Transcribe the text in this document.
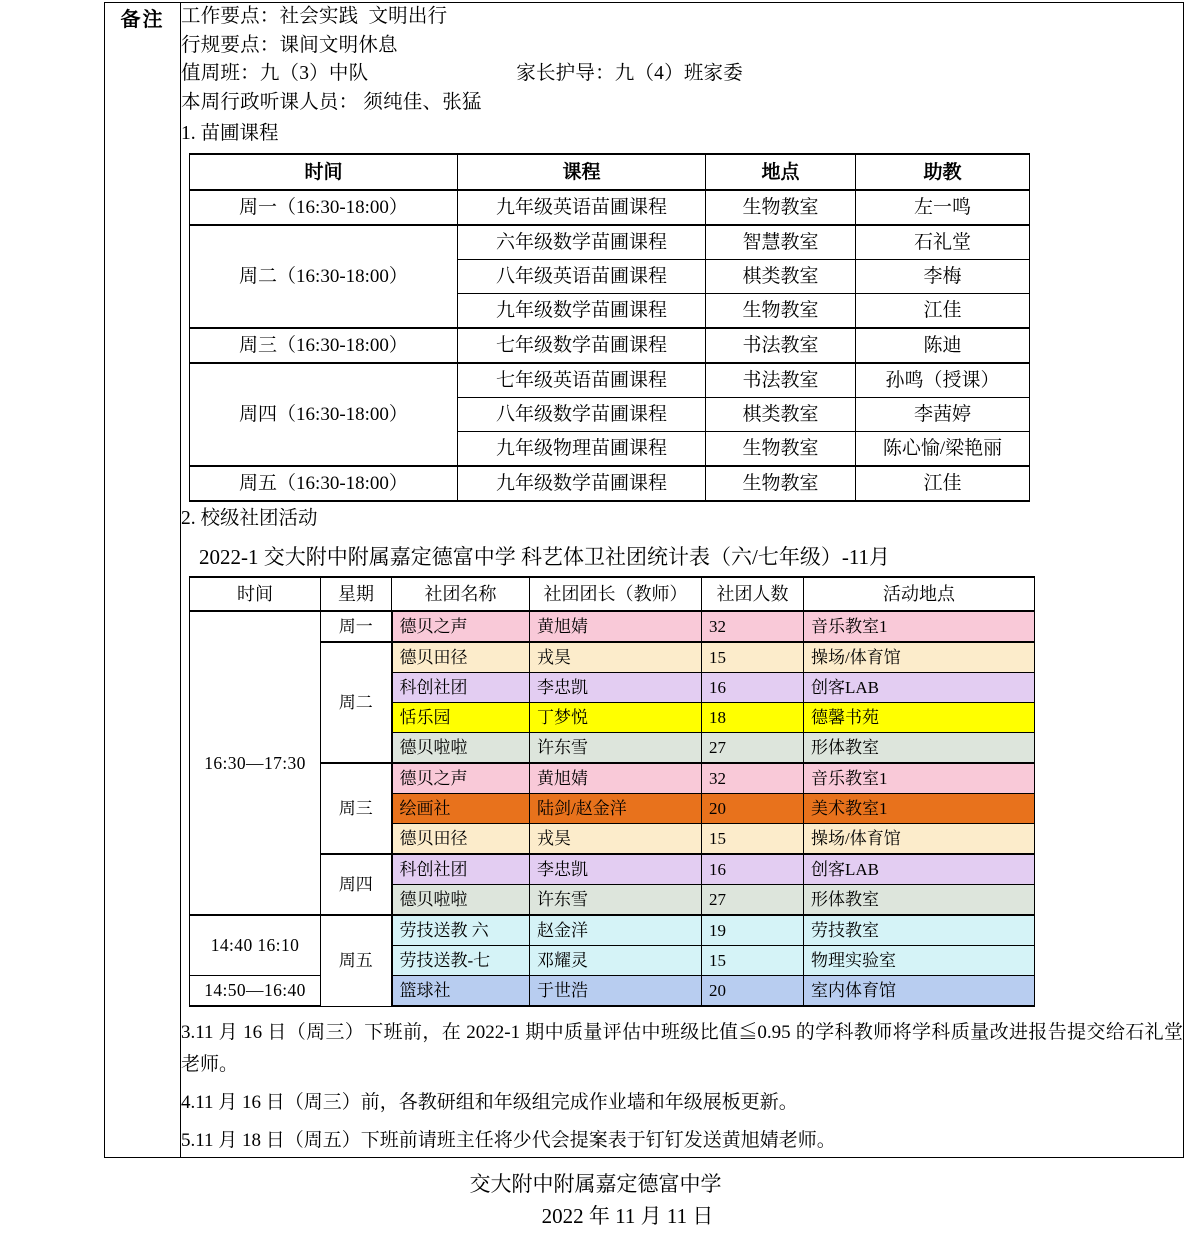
备注	工作要点：社会实践  文明出行
行规要点：课间文明休息
值周班：九（3）中队	家长护导：九（4）班家委
本周行政听课人员： 须纯佳、张猛
1. 苗圃课程
时间	课程	地点	助教
周一（16:30-18:00）	九年级英语苗圃课程	生物教室	左一鸣
周二（16:30-18:00）	六年级数学苗圃课程	智慧教室	石礼堂
八年级英语苗圃课程	棋类教室	李梅
九年级数学苗圃课程	生物教室	江佳
周三（16:30-18:00）	七年级数学苗圃课程	书法教室	陈迪
周四（16:30-18:00）	七年级英语苗圃课程	书法教室	孙鸣（授课）
八年级数学苗圃课程	棋类教室	李茜婷
九年级物理苗圃课程	生物教室	陈心愉/梁艳丽
周五（16:30-18:00）	九年级数学苗圃课程	生物教室	江佳
2. 校级社团活动
2022-1 交大附中附属嘉定德富中学 科艺体卫社团统计表（六/七年级）-11月
时间	星期	社团名称	社团团长（教师）	社团人数	活动地点
16:30—17:30	周一	德贝之声	黄旭婧	32	音乐教室1
周二	德贝田径	戎昊	15	操场/体育馆
科创社团	李忠凯	16	创客LAB
恬乐园	丁梦悦	18	德馨书苑
德贝啦啦	许东雪	27	形体教室
周三	德贝之声	黄旭婧	32	音乐教室1
绘画社	陆剑/赵金洋	20	美术教室1
德贝田径	戎昊	15	操场/体育馆
周四	科创社团	李忠凯	16	创客LAB
德贝啦啦	许东雪	27	形体教室
14:40 16:10	周五	劳技送教 六	赵金洋	19	劳技教室
劳技送教-七	邓耀灵	15	物理实验室
14:50—16:40	篮球社	于世浩	20	室内体育馆
3.11 月 16 日（周三）下班前，在 2022-1 期中质量评估中班级比值≦0.95 的学科教师将学科质量改进报告提交给石礼堂老师。
4.11 月 16 日（周三）前，各教研组和年级组完成作业墙和年级展板更新。
5.11 月 18 日（周五）下班前请班主任将少代会提案表于钉钉发送黄旭婧老师。
交大附中附属嘉定德富中学
2022 年 11 月 11 日
